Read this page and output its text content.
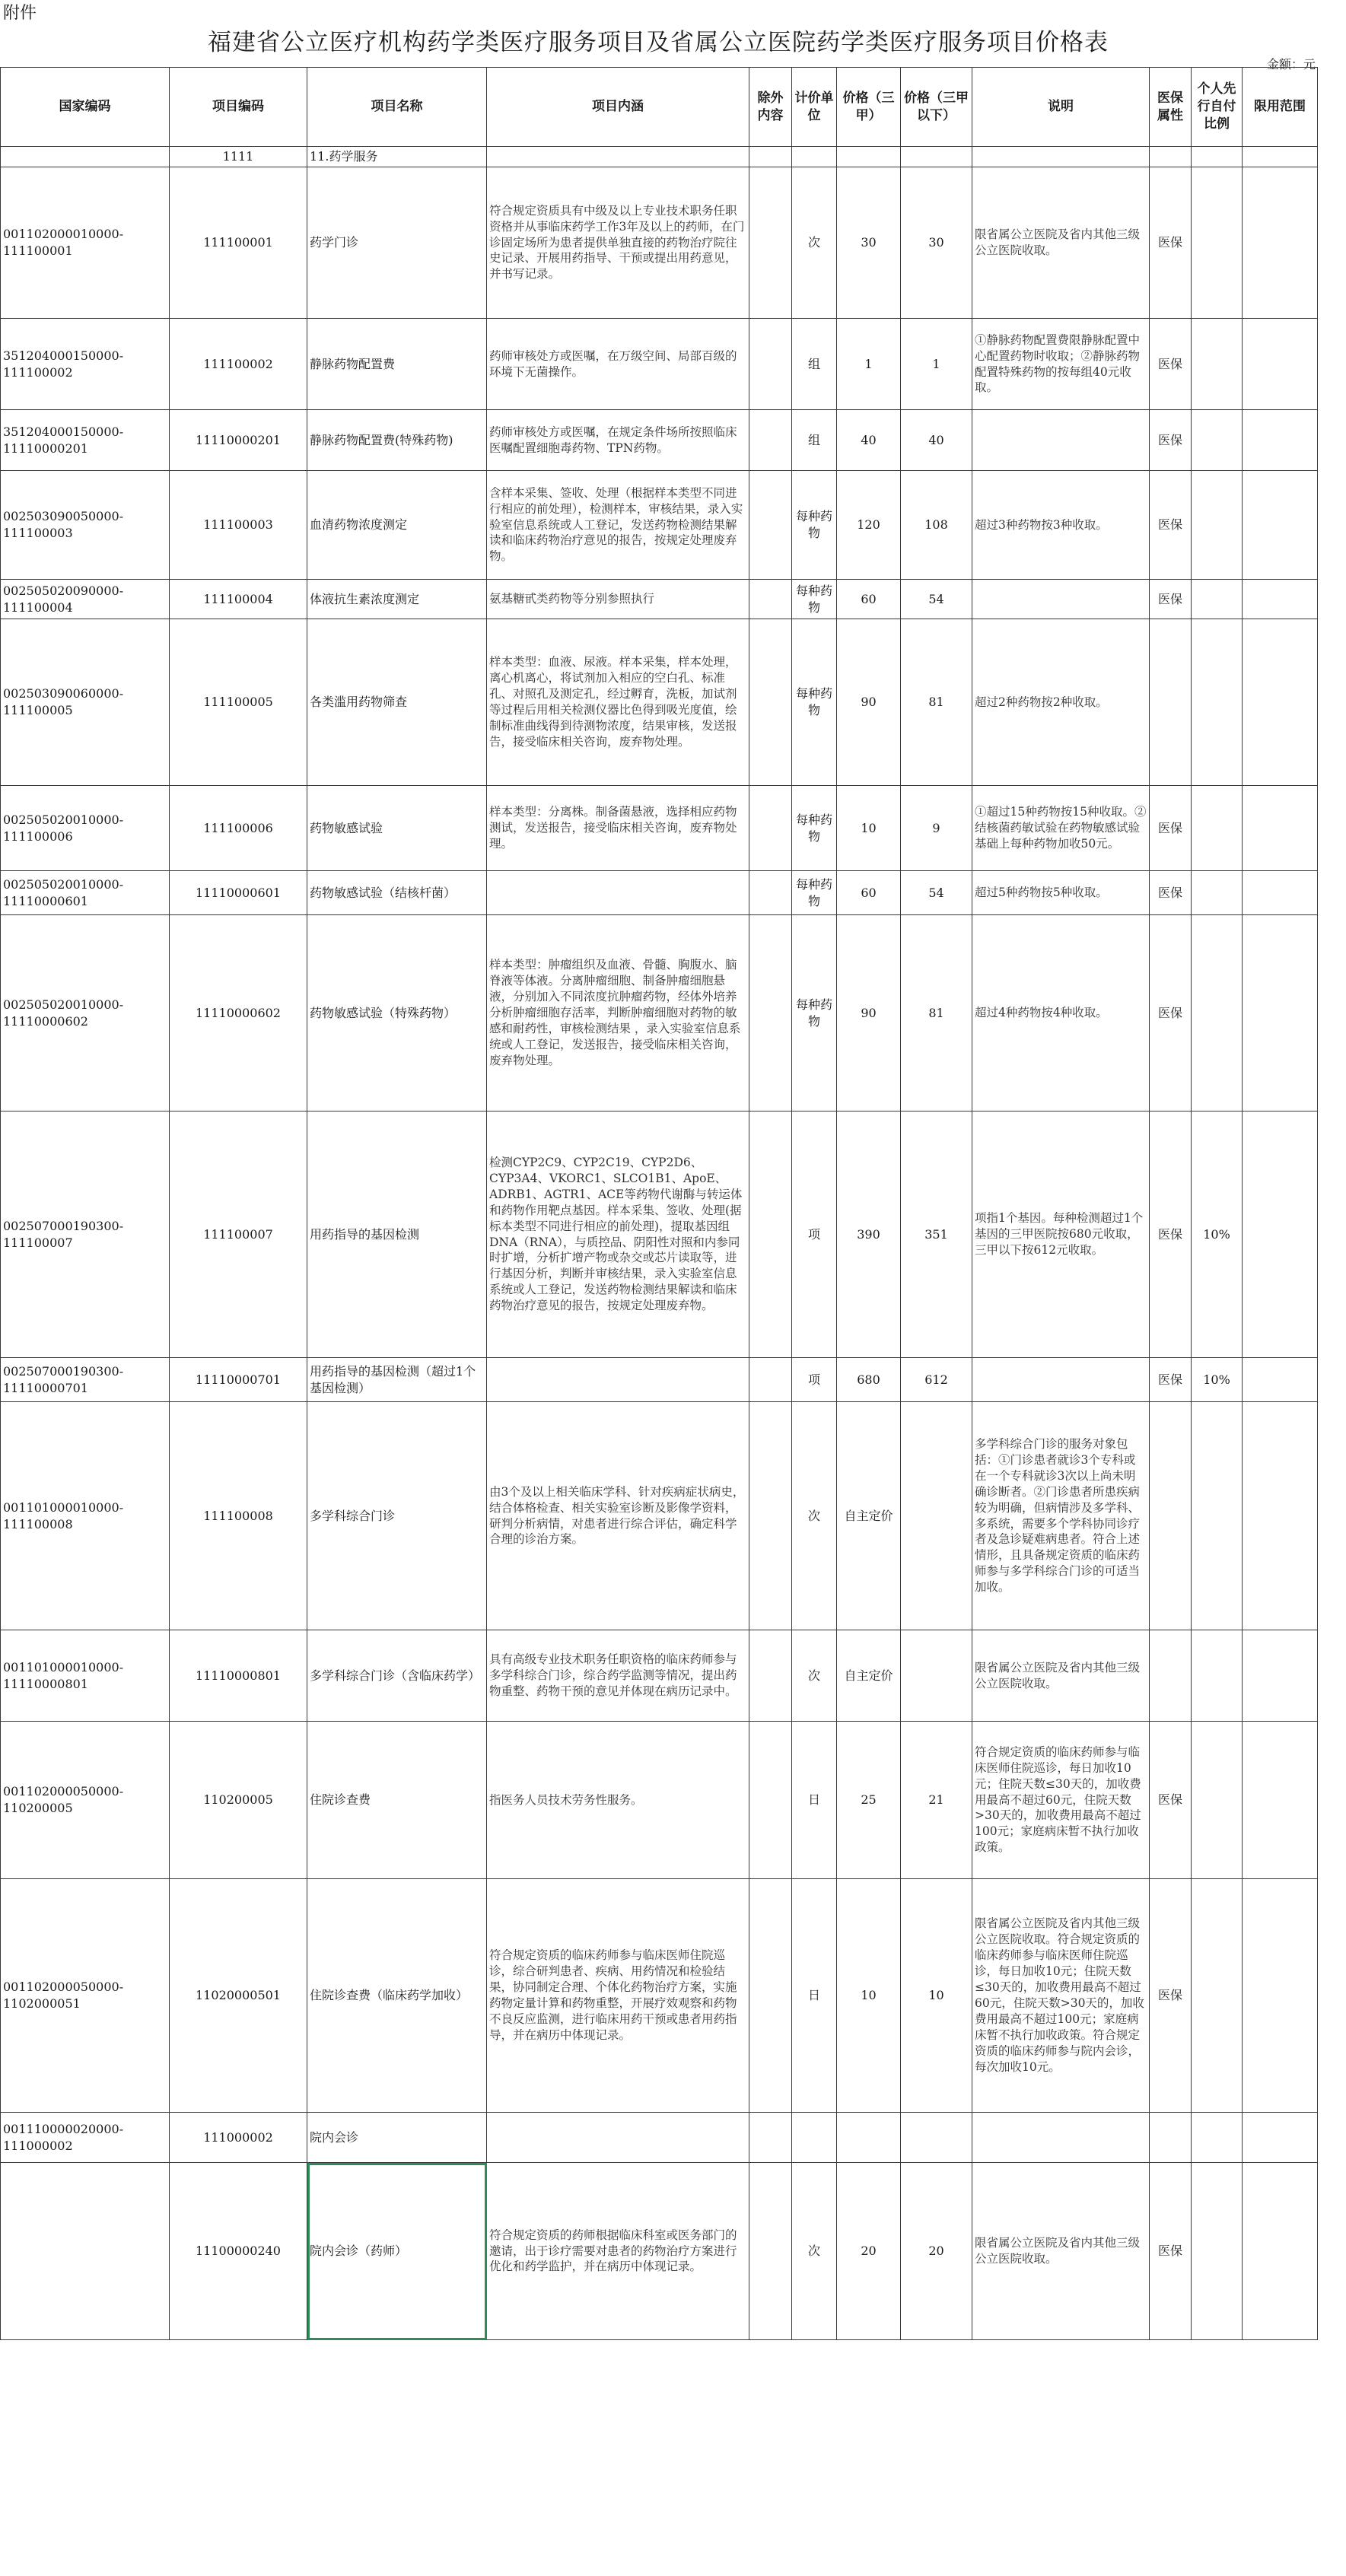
附件
福建省公立医疗机构药学类医疗服务项目及省属公立医院药学类医疗服务项目价格表
金额：元
国家编码	项目编码	项目名称	项目内涵	除外内容	计价单位	价格（三甲）	价格（三甲以下）	说明	医保属性	个人先行自付比例	限用范围
	1111	11.药学服务									
001102000010000-111100001	111100001	药学门诊	符合规定资质具有中级及以上专业技术职务任职资格并从事临床药学工作3年及以上的药师，在门诊固定场所为患者提供单独直接的药物治疗院往史记录、开展用药指导、干预或提出用药意见，并书写记录。		次	30	30	限省属公立医院及省内其他三级公立医院收取。	医保		
351204000150000-111100002	111100002	静脉药物配置费	药师审核处方或医嘱，在万级空间、局部百级的环境下无菌操作。		组	1	1	①静脉药物配置费限静脉配置中心配置药物时收取；②静脉药物配置特殊药物的按每组40元收取。	医保		
351204000150000-11110000201	11110000201	静脉药物配置费(特殊药物)	药师审核处方或医嘱，在规定条件场所按照临床医嘱配置细胞毒药物、TPN药物。		组	40	40		医保		
002503090050000-111100003	111100003	血清药物浓度测定	含样本采集、签收、处理（根据样本类型不同进行相应的前处理），检测样本，审核结果，录入实验室信息系统或人工登记，发送药物检测结果解读和临床药物治疗意见的报告，按规定处理废弃物。		每种药物	120	108	超过3种药物按3种收取。	医保		
002505020090000-111100004	111100004	体液抗生素浓度测定	氨基糖甙类药物等分别参照执行		每种药物	60	54		医保		
002503090060000-111100005	111100005	各类滥用药物筛查	样本类型：血液、尿液。样本采集，样本处理，离心机离心，将试剂加入相应的空白孔、标准孔、对照孔及测定孔，经过孵育，洗板，加试剂等过程后用相关检测仪器比色得到吸光度值，绘制标准曲线得到待测物浓度，结果审核，发送报告，接受临床相关咨询，废弃物处理。		每种药物	90	81	超过2种药物按2种收取。			
002505020010000-111100006	111100006	药物敏感试验	样本类型：分离株。制备菌悬液，选择相应药物测试，发送报告，接受临床相关咨询，废弃物处理。		每种药物	10	9	①超过15种药物按15种收取。②结核菌药敏试验在药物敏感试验基础上每种药物加收50元。	医保		
002505020010000-11110000601	11110000601	药物敏感试验（结核杆菌）			每种药物	60	54	超过5种药物按5种收取。	医保		
002505020010000-11110000602	11110000602	药物敏感试验（特殊药物）	样本类型：肿瘤组织及血液、骨髓、胸腹水、脑脊液等体液。分离肿瘤细胞、制备肿瘤细胞悬液，分别加入不同浓度抗肿瘤药物，经体外培养分析肿瘤细胞存活率，判断肿瘤细胞对药物的敏感和耐药性，审核检测结果 ，录入实验室信息系统或人工登记，发送报告，接受临床相关咨询，废弃物处理。		每种药物	90	81	超过4种药物按4种收取。	医保		
002507000190300-111100007	111100007	用药指导的基因检测	检测CYP2C9、CYP2C19、CYP2D6、CYP3A4、VKORC1、SLCO1B1、ApoE、ADRB1、AGTR1、ACE等药物代谢酶与转运体和药物作用靶点基因。样本采集、签收、处理(据标本类型不同进行相应的前处理)，提取基因组DNA（RNA），与质控品、阴阳性对照和内参同时扩增，分析扩增产物或杂交或芯片读取等，进行基因分析，判断并审核结果，录入实验室信息系统或人工登记，发送药物检测结果解读和临床药物治疗意见的报告，按规定处理废弃物。		项	390	351	项指1个基因。每种检测超过1个基因的三甲医院按680元收取，三甲以下按612元收取。	医保	10%	
002507000190300-11110000701	11110000701	用药指导的基因检测（超过1个基因检测）			项	680	612		医保	10%	
001101000010000-111100008	111100008	多学科综合门诊	由3个及以上相关临床学科、针对疾病症状病史，结合体格检查、相关实验室诊断及影像学资料，研判分析病情，对患者进行综合评估，确定科学合理的诊治方案。		次	自主定价		多学科综合门诊的服务对象包括：①门诊患者就诊3个专科或在一个专科就诊3次以上尚未明确诊断者。②门诊患者所患疾病较为明确，但病情涉及多学科、多系统，需要多个学科协同诊疗者及急诊疑难病患者。符合上述情形，且具备规定资质的临床药师参与多学科综合门诊的可适当加收。			
001101000010000-11110000801	11110000801	多学科综合门诊（含临床药学）	具有高级专业技术职务任职资格的临床药师参与多学科综合门诊，综合药学监测等情况，提出药物重整、药物干预的意见并体现在病历记录中。		次	自主定价		限省属公立医院及省内其他三级公立医院收取。			
001102000050000-110200005	110200005	住院诊查费	指医务人员技术劳务性服务。		日	25	21	符合规定资质的临床药师参与临床医师住院巡诊，每日加收10元；住院天数≤30天的，加收费用最高不超过60元，住院天数>30天的，加收费用最高不超过100元；家庭病床暂不执行加收政策。	医保		
001102000050000-1102000051	11020000501	住院诊查费（临床药学加收）	符合规定资质的临床药师参与临床医师住院巡诊，综合研判患者、疾病、用药情况和检验结果，协同制定合理、个体化药物治疗方案，实施药物定量计算和药物重整，开展疗效观察和药物不良反应监测，进行临床用药干预或患者用药指导，并在病历中体现记录。		日	10	10	限省属公立医院及省内其他三级公立医院收取。符合规定资质的临床药师参与临床医师住院巡诊，每日加收10元；住院天数≤30天的，加收费用最高不超过60元，住院天数>30天的，加收费用最高不超过100元；家庭病床暂不执行加收政策。符合规定资质的临床药师参与院内会诊，每次加收10元。	医保		
001110000020000-111000002	111000002	院内会诊									
	11100000240	院内会诊（药师）	符合规定资质的药师根据临床科室或医务部门的邀请，出于诊疗需要对患者的药物治疗方案进行优化和药学监护，并在病历中体现记录。		次	20	20	限省属公立医院及省内其他三级公立医院收取。	医保		
